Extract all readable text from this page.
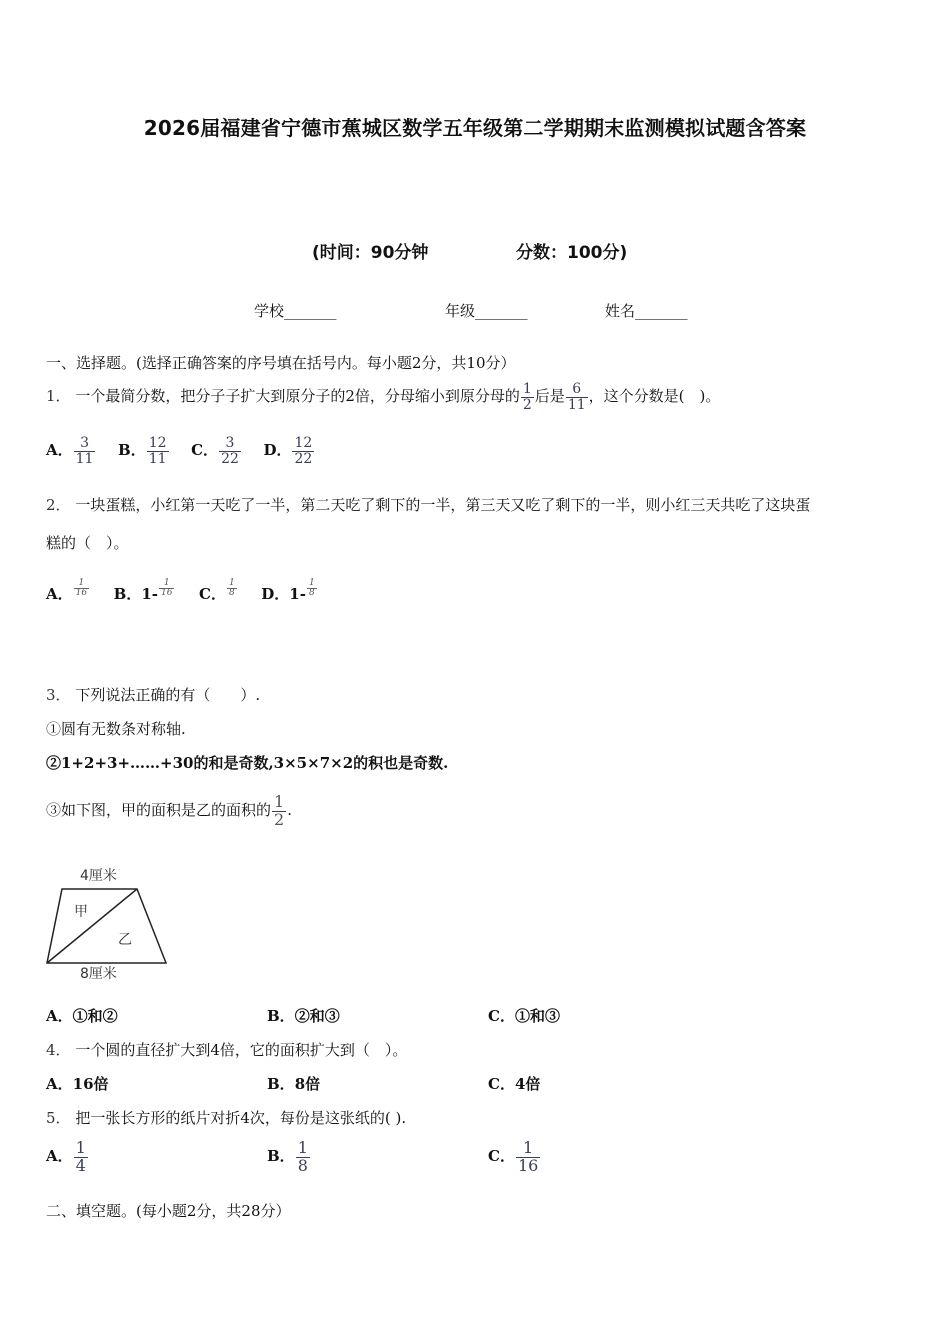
2026届福建省宁德市蕉城区数学五年级第二学期期末监测模拟试题含答案
(时间：90分钟	分数：100分)
学校_______	年级_______	姓名_______
一、选择题。(选择正确答案的序号填在括号内。每小题2分，共10分）
1． 一个最简分数，把分子子扩大到原分子的2倍，分母缩小到原分母的 $\frac{1}{2}$ 后是 $\frac{6}{11}$ ，这个分数是(　)。
A． $\frac{3}{11}$ B． $\frac{12}{11}$ C． $\frac{3}{22}$ D． $\frac{12}{22}$
2． 一块蛋糕，小红第一天吃了一半，第二天吃了剩下的一半，第三天又吃了剩下的一半，则小红三天共吃了这块蛋
糕的（　）。
A． $\frac{1}{16}$ B．$1- \frac{1}{16}$ C． $\frac{1}{8}$ D．$1- \frac{1}{8}$
3． 下列说法正确的有（　　）.
①圆有无数条对称轴.
②1+2+3+……+30的和是奇数,3×5×7×2的积也是奇数.
③如下图，甲的面积是乙的面积的 $\frac{1}{2}$ .
4厘米
甲
乙
8厘米
A．①和②	B．②和③	C．①和③
4． 一个圆的直径扩大到4倍，它的面积扩大到（　）。
A．16倍	B．8倍	C．4倍
5． 把一张长方形的纸片对折4次，每份是这张纸的( ).
A． $\frac{1}{4}$	B． $\frac{1}{8}$	C． $\frac{1}{16}$
二、填空题。(每小题2分，共28分）
